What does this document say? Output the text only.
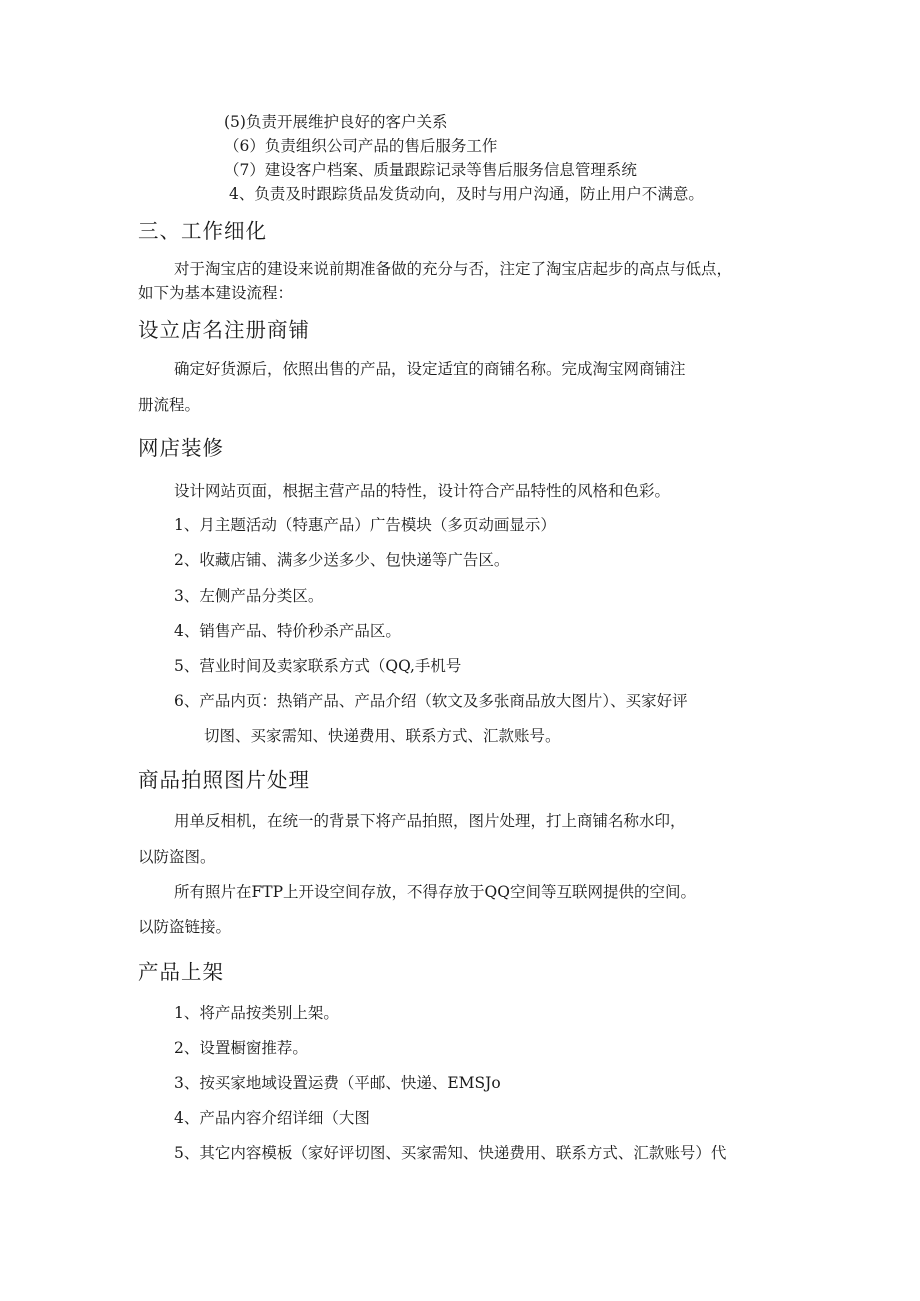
(5)负责开展维护良好的客户关系
（6）负责组织公司产品的售后服务工作
（7）建设客户档案、质量跟踪记录等售后服务信息管理系统
4、负责及时跟踪货品发货动向，及时与用户沟通，防止用户不满意。
三、工作细化
对于淘宝店的建设来说前期准备做的充分与否，注定了淘宝店起步的高点与低点，
如下为基本建设流程：
设立店名注册商铺
确定好货源后，依照出售的产品，设定适宜的商铺名称。完成淘宝网商铺注
册流程。
网店装修
设计网站页面，根据主营产品的特性，设计符合产品特性的风格和色彩。
1、月主题活动（特惠产品）广告模块（多页动画显示）
2、收藏店铺、满多少送多少、包快递等广告区。
3、左侧产品分类区。
4、销售产品、特价秒杀产品区。
5、营业时间及卖家联系方式（QQ,手机号
6、产品内页：热销产品、产品介绍（软文及多张商品放大图片）、买家好评
切图、买家需知、快递费用、联系方式、汇款账号。
商品拍照图片处理
用单反相机，在统一的背景下将产品拍照，图片处理，打上商铺名称水印，
以防盗图。
所有照片在FTP上开设空间存放，不得存放于QQ空间等互联网提供的空间。
以防盗链接。
产品上架
1、将产品按类别上架。
2、设置橱窗推荐。
3、按买家地域设置运费（平邮、快递、EMSJo
4、产品内容介绍详细（大图
5、其它内容模板（家好评切图、买家需知、快递费用、联系方式、汇款账号）代
